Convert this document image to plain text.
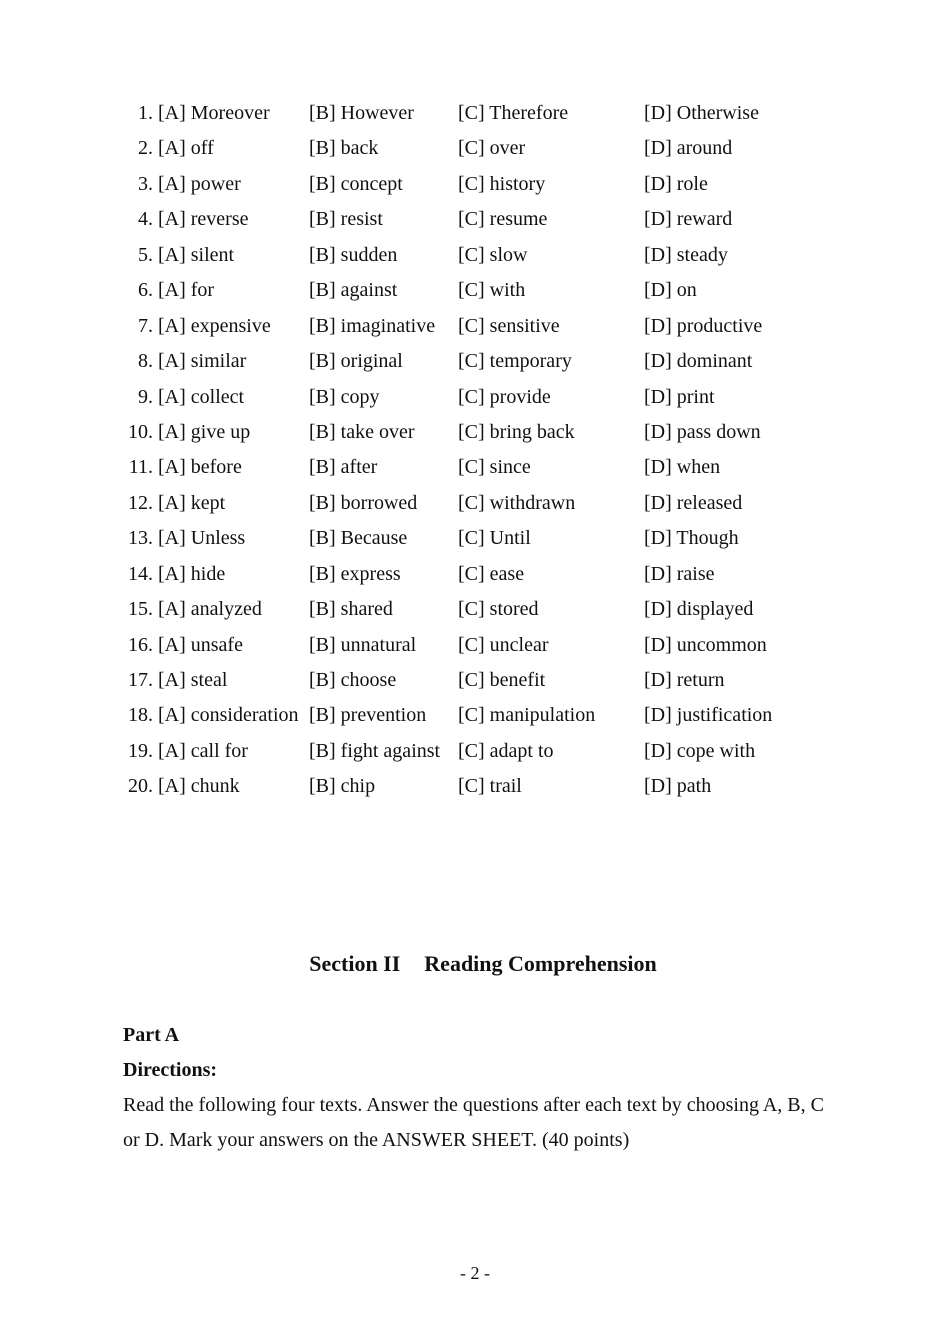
1. [A] Moreover	[B] However [C] Therefore	[D] Otherwise
2. [A] off	[B] back	[C] over	[D] around
3. [A] power	[B] concept	[C] history	[D] role
4. [A] reverse	[B] resist	[C] resume	[D] reward
5. [A] silent	[B] sudden	[C] slow	[D] steady
6. [A] for	[B] against	[C] with	[D] on
7. [A] expensive	[B] imaginative [C] sensitive	[D] productive
8. [A] similar	[B] original	[C] temporary	[D] dominant
9. [A] collect	[B] copy	[C] provide	[D] print
10. [A] give up	[B] take over [C] bring back	[D] pass down
11. [A] before	[B] after	[C] since	[D] when
12. [A] kept	[B] borrowed [C] withdrawn	[D] released
13. [A] Unless	[B] Because	[C] Until	[D] Though
14. [A] hide	[B] express	[C] ease	[D] raise
15. [A] analyzed	[B] shared	[C] stored	[D] displayed
16. [A] unsafe	[B] unnatural [C] unclear	[D] uncommon
17. [A] steal	[B] choose	[C] benefit	[D] return
18. [A] consideration [B] prevention [C] manipulation [D] justification
19. [A] call for	[B] fight against [C] adapt to	[D] cope with
20. [A] chunk	[B] chip	[C] trail	[D] path
Section II Reading Comprehension
Part A
Directions:
Read the following four texts. Answer the questions after each text by choosing A, B, C or D. Mark your answers on the ANSWER SHEET. (40 points)
- 2 -
